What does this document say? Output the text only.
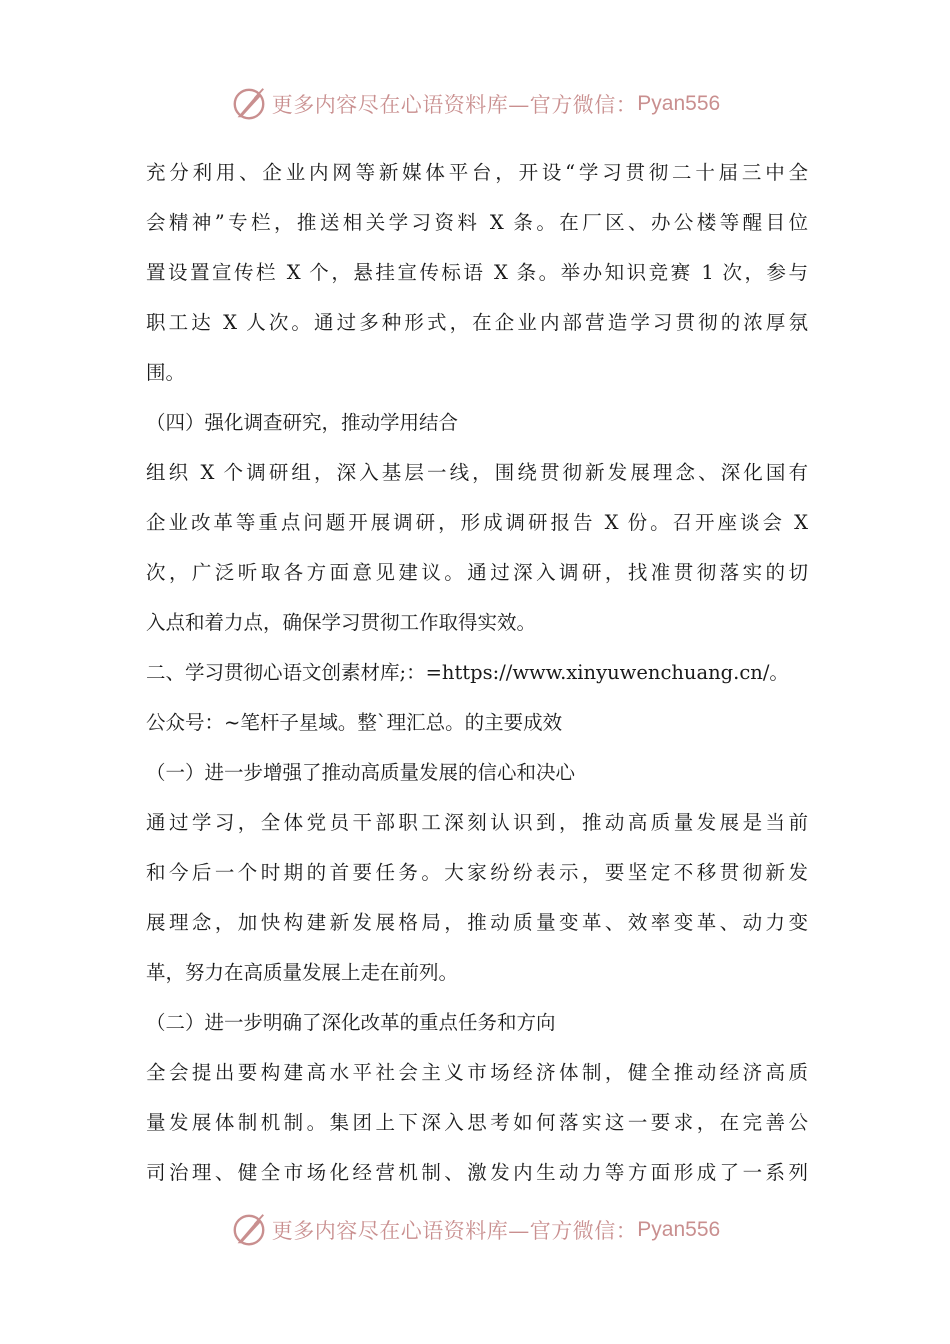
更多内容尽在心语资料库—官方微信： Pyan556
充分利用、企业内网等新媒体平台，开设“学习贯彻二十届三中全
会精神”专栏，推送相关学习资料 X 条。在厂区、办公楼等醒目位
置设置宣传栏 X 个，悬挂宣传标语 X 条。举办知识竞赛 1 次，参与
职工达 X 人次。通过多种形式，在企业内部营造学习贯彻的浓厚氛
围。
（四）强化调查研究，推动学用结合
组织 X 个调研组，深入基层一线，围绕贯彻新发展理念、深化国有
企业改革等重点问题开展调研，形成调研报告 X 份。召开座谈会 X
次，广泛听取各方面意见建议。通过深入调研，找准贯彻落实的切
入点和着力点，确保学习贯彻工作取得实效。
二、学习贯彻心语文创素材库;：=https://www.xinyuwenchuang.cn/。
公众号：~笔杆子星域。整`理汇总。的主要成效
（一）进一步增强了推动高质量发展的信心和决心
通过学习，全体党员干部职工深刻认识到，推动高质量发展是当前
和今后一个时期的首要任务。大家纷纷表示，要坚定不移贯彻新发
展理念，加快构建新发展格局，推动质量变革、效率变革、动力变
革，努力在高质量发展上走在前列。
（二）进一步明确了深化改革的重点任务和方向
全会提出要构建高水平社会主义市场经济体制，健全推动经济高质
量发展体制机制。集团上下深入思考如何落实这一要求，在完善公
司治理、健全市场化经营机制、激发内生动力等方面形成了一系列
更多内容尽在心语资料库—官方微信： Pyan556
